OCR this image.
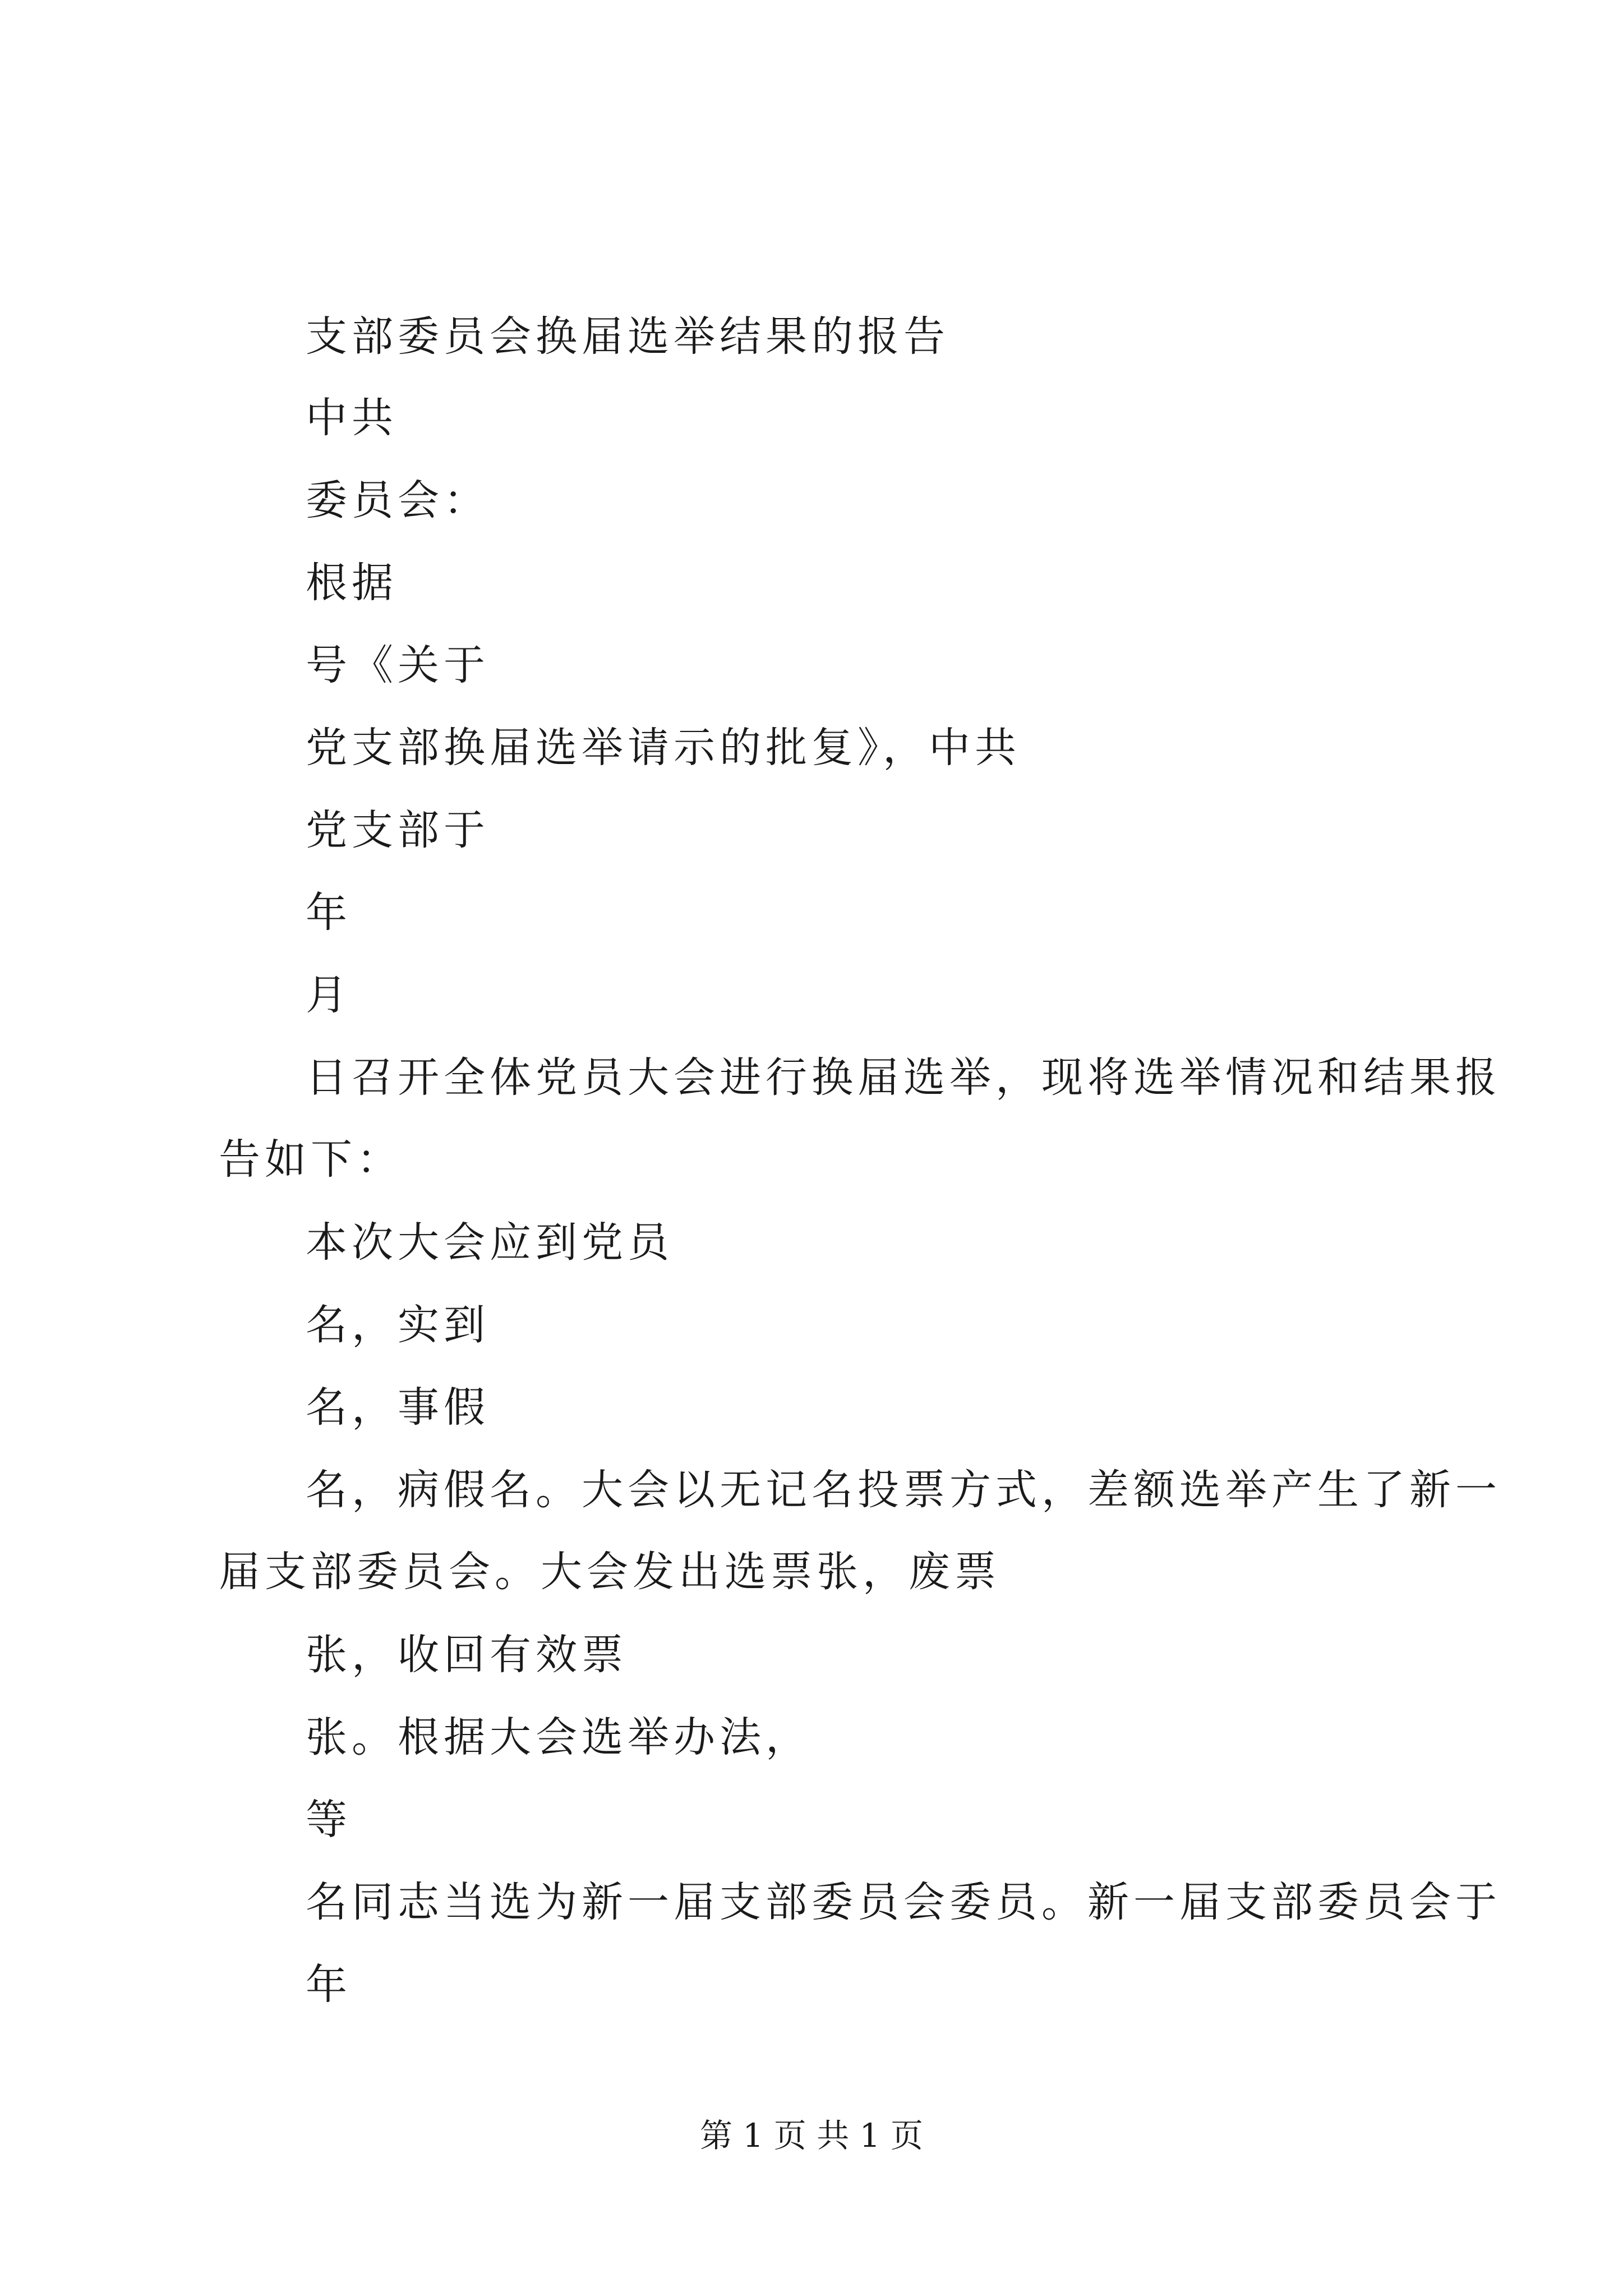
支部委员会换届选举结果的报告
中共
委员会：
根据
号《关于
党支部换届选举请示的批复》，中共
党支部于
年
月
日召开全体党员大会进行换届选举，现将选举情况和结果报
告如下：
本次大会应到党员
名，实到
名，事假
名，病假名。大会以无记名投票方式，差额选举产生了新一
届支部委员会。大会发出选票张，废票
张，收回有效票
张。根据大会选举办法，
等
名同志当选为新一届支部委员会委员。新一届支部委员会于
年
第 1 页 共 1 页
